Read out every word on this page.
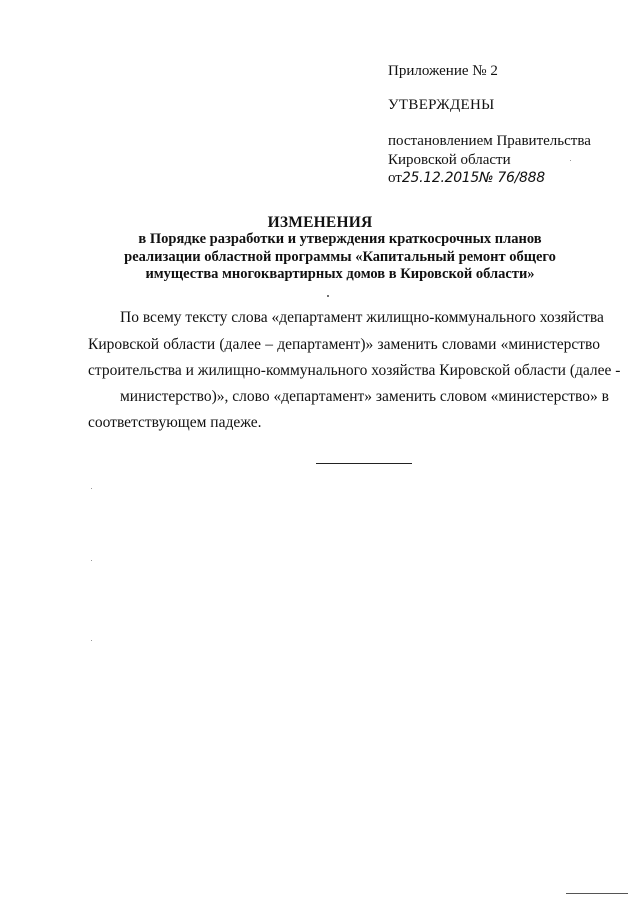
Приложение № 2
УТВЕРЖДЕНЫ
постановлением Правительства
Кировской области
от25.12.2015№ 76/888
ИЗМЕНЕНИЯ
в Порядке разработки и утверждения краткосрочных планов
реализации областной программы «Капитальный ремонт общего
имущества многоквартирных домов в Кировской области»
По всему тексту слова «департамент жилищно-коммунального хозяйства
Кировской области (далее – департамент)» заменить словами «министерство
строительства и жилищно-коммунального хозяйства Кировской области (далее -
министерство)», слово «департамент» заменить словом «министерство» в
соответствующем падеже.
